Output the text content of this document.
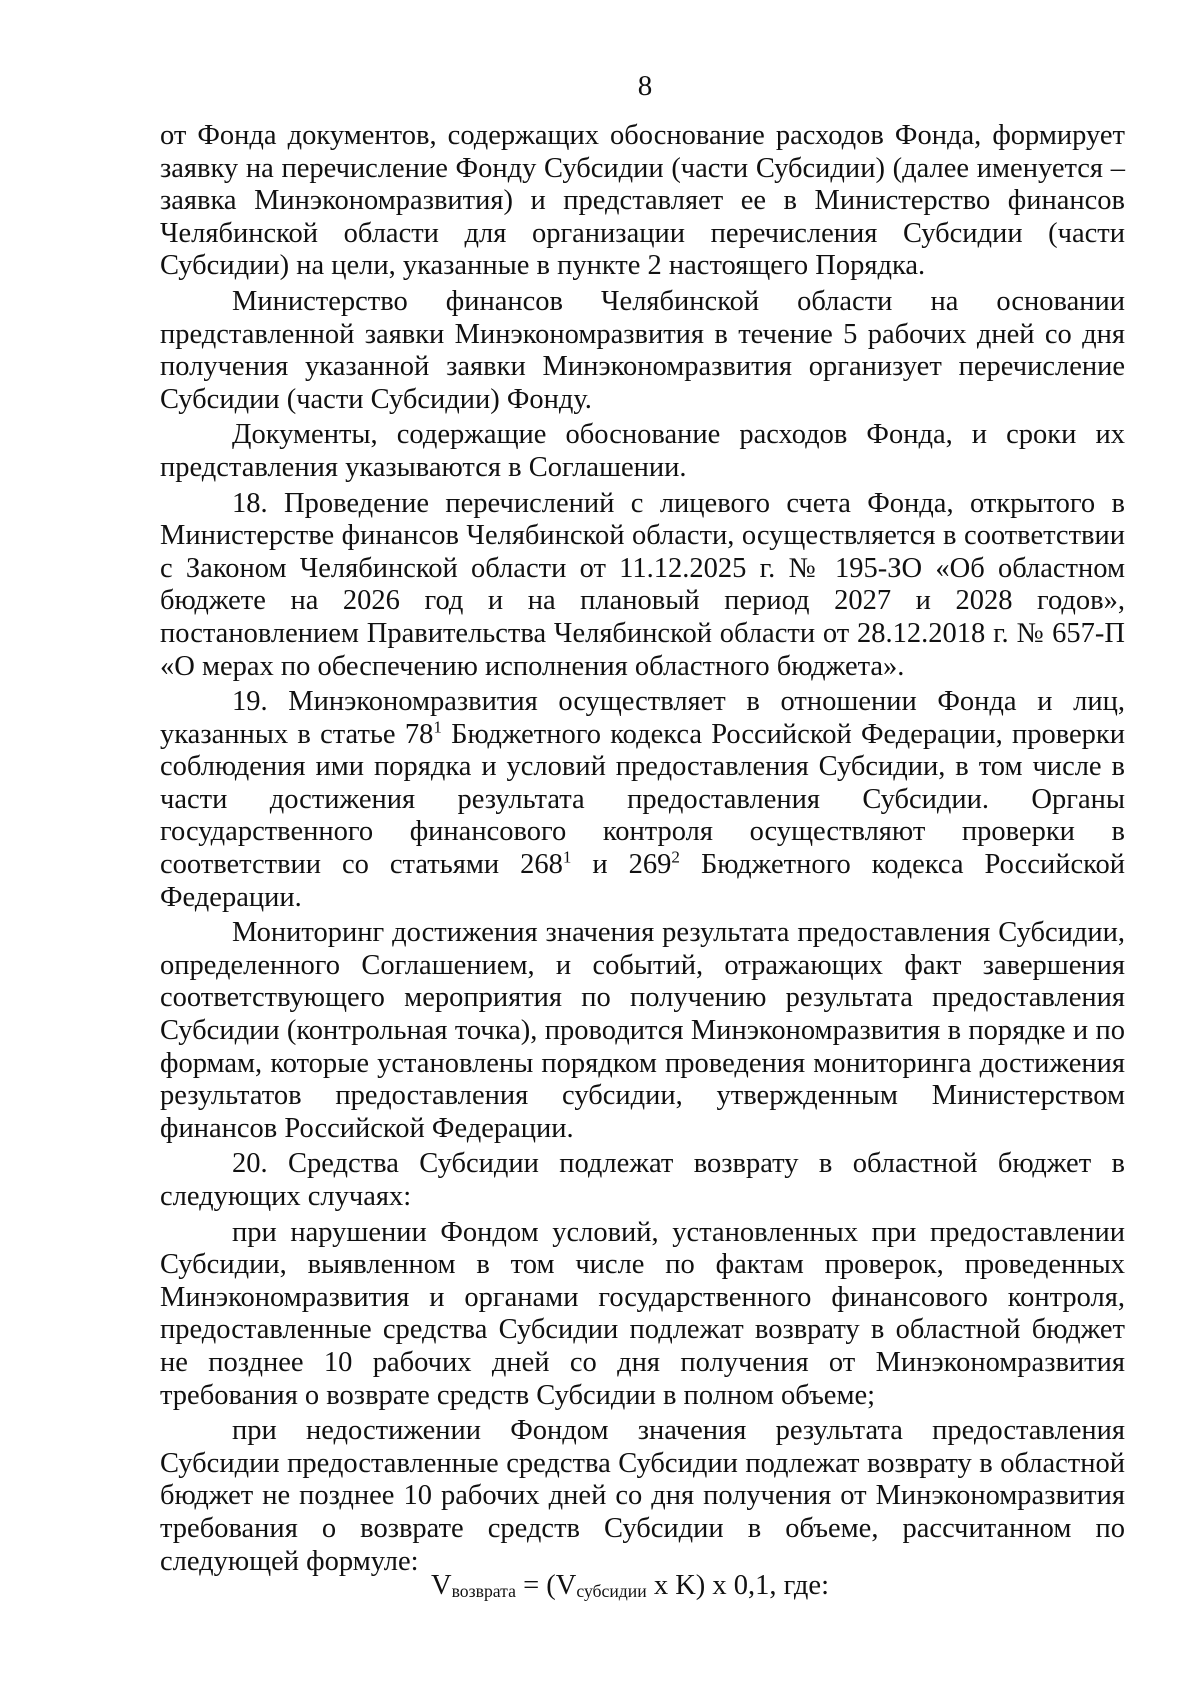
8

от Фонда документов, содержащих обоснование расходов Фонда, формирует заявку на перечисление Фонду Субсидии (части Субсидии) (далее именуется – заявка Минэкономразвития) и представляет ее в Министерство финансов Челябинской области для организации перечисления Субсидии (части Субсидии) на цели, указанные в пункте 2 настоящего Порядка.

Министерство финансов Челябинской области на основании представленной заявки Минэкономразвития в течение 5 рабочих дней со дня получения указанной заявки Минэкономразвития организует перечисление Субсидии (части Субсидии) Фонду.

Документы, содержащие обоснование расходов Фонда, и сроки их представления указываются в Соглашении.

18. Проведение перечислений с лицевого счета Фонда, открытого в Министерстве финансов Челябинской области, осуществляется в соответствии с Законом Челябинской области от 11.12.2025 г. № 195-ЗО «Об областном бюджете на 2026 год и на плановый период 2027 и 2028 годов», постановлением Правительства Челябинской области от 28.12.2018 г. № 657-П «О мерах по обеспечению исполнения областного бюджета».

19. Минэкономразвития осуществляет в отношении Фонда и лиц, указанных в статье $78^1$ Бюджетного кодекса Российской Федерации, проверки соблюдения ими порядка и условий предоставления Субсидии, в том числе в части достижения результата предоставления Субсидии. Органы государственного финансового контроля осуществляют проверки в соответствии со статьями $268^1$ и $269^2$ Бюджетного кодекса Российской Федерации.

Мониторинг достижения значения результата предоставления Субсидии, определенного Соглашением, и событий, отражающих факт завершения соответствующего мероприятия по получению результата предоставления Субсидии (контрольная точка), проводится Минэкономразвития в порядке и по формам, которые установлены порядком проведения мониторинга достижения результатов предоставления субсидии, утвержденным Министерством финансов Российской Федерации.

20. Средства Субсидии подлежат возврату в областной бюджет в следующих случаях:

при нарушении Фондом условий, установленных при предоставлении Субсидии, выявленном в том числе по фактам проверок, проведенных Минэкономразвития и органами государственного финансового контроля, предоставленные средства Субсидии подлежат возврату в областной бюджет не позднее 10 рабочих дней со дня получения от Минэкономразвития требования о возврате средств Субсидии в полном объеме;

при недостижении Фондом значения результата предоставления Субсидии предоставленные средства Субсидии подлежат возврату в областной бюджет не позднее 10 рабочих дней со дня получения от Минэкономразвития требования о возврате средств Субсидии в объеме, рассчитанном по следующей формуле:

Vвозврата = (Vсубсидии x K) x 0,1, где:
